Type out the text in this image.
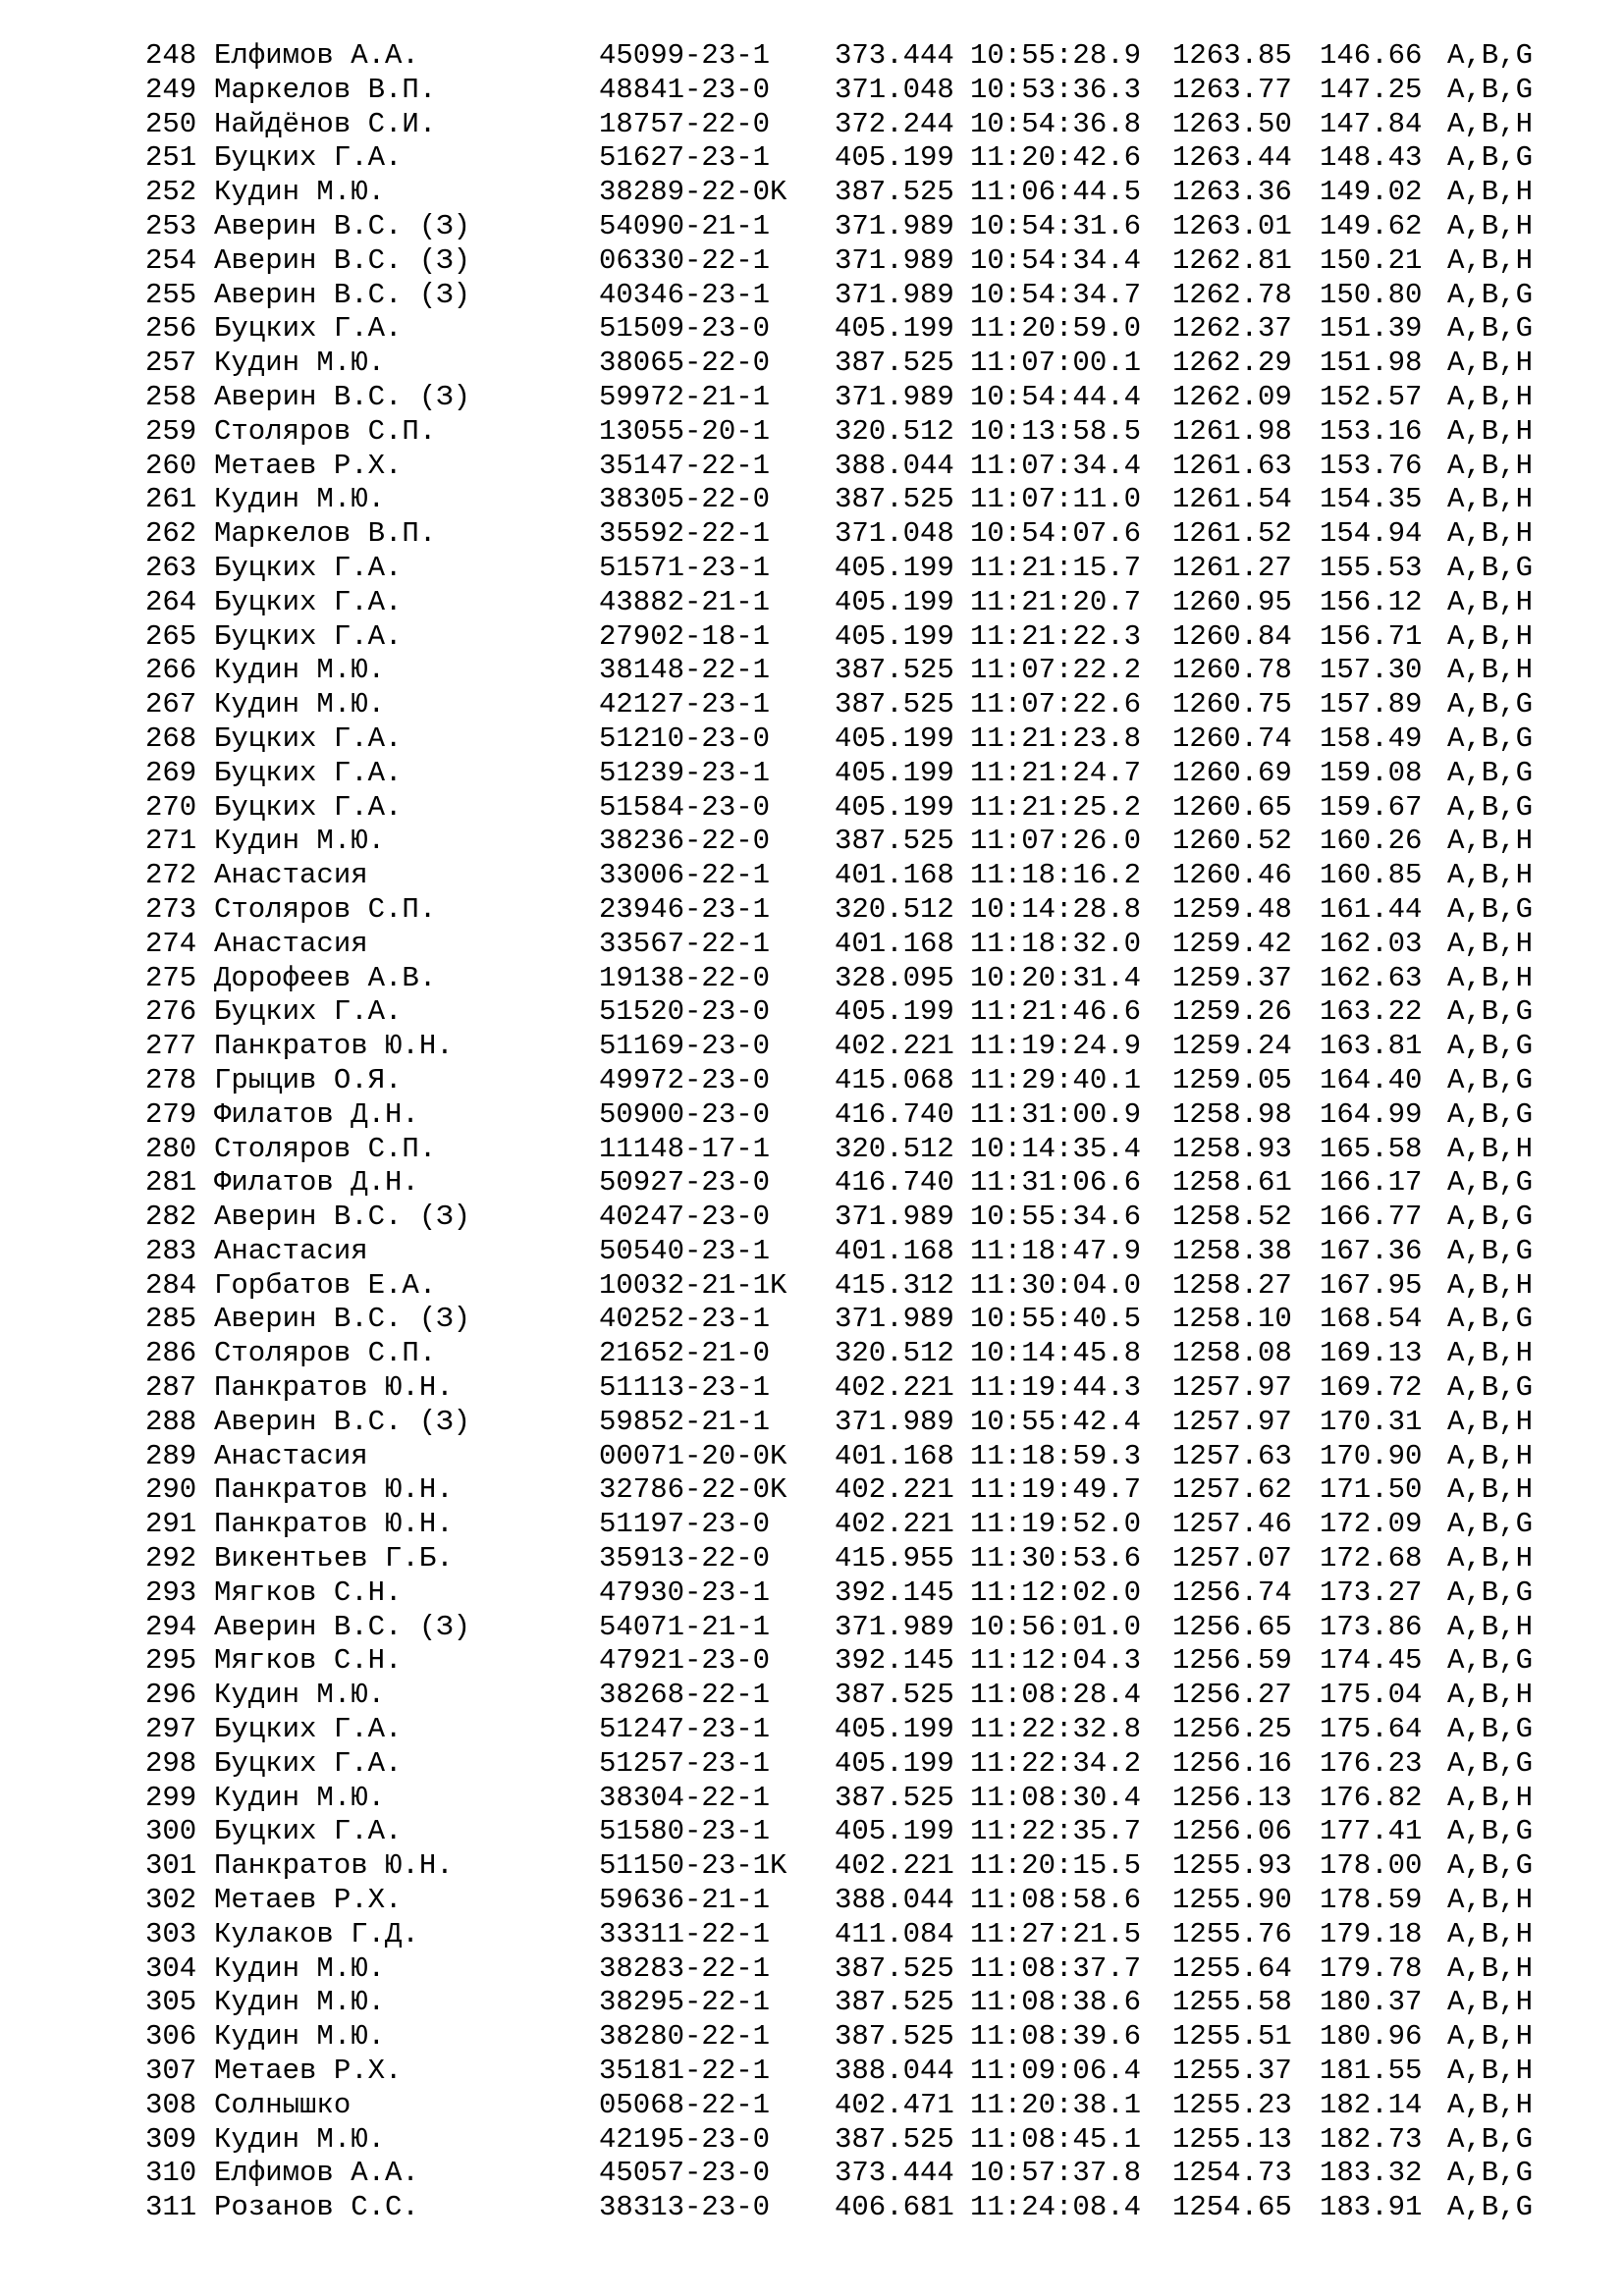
248 Елфимов А.А.	45099-23-1	373.444 10:55:28.9	1263.85 146.66 A,B,G
249 Маркелов В.П.	48841-23-0	371.048 10:53:36.3	1263.77 147.25 A,B,G
250 Найдёнов С.И.	18757-22-0	372.244 10:54:36.8	1263.50 147.84 A,B,H
251 Буцких Г.А.	51627-23-1	405.199 11:20:42.6	1263.44 148.43 A,B,G
252 Кудин М.Ю.	38289-22-0K	387.525 11:06:44.5	1263.36 149.02 A,B,H
253 Аверин В.С. (З)	54090-21-1	371.989 10:54:31.6	1263.01 149.62 A,B,H
254 Аверин В.С. (З)	06330-22-1	371.989 10:54:34.4	1262.81 150.21 A,B,H
255 Аверин В.С. (З)	40346-23-1	371.989 10:54:34.7	1262.78 150.80 A,B,G
256 Буцких Г.А.	51509-23-0	405.199 11:20:59.0	1262.37 151.39 A,B,G
257 Кудин М.Ю.	38065-22-0	387.525 11:07:00.1	1262.29 151.98 A,B,H
258 Аверин В.С. (З)	59972-21-1	371.989 10:54:44.4	1262.09 152.57 A,B,H
259 Столяров С.П.	13055-20-1	320.512 10:13:58.5	1261.98 153.16 A,B,H
260 Метаев Р.Х.	35147-22-1	388.044 11:07:34.4	1261.63 153.76 A,B,H
261 Кудин М.Ю.	38305-22-0	387.525 11:07:11.0	1261.54 154.35 A,B,H
262 Маркелов В.П.	35592-22-1	371.048 10:54:07.6	1261.52 154.94 A,B,H
263 Буцких Г.А.	51571-23-1	405.199 11:21:15.7	1261.27 155.53 A,B,G
264 Буцких Г.А.	43882-21-1	405.199 11:21:20.7	1260.95 156.12 A,B,H
265 Буцких Г.А.	27902-18-1	405.199 11:21:22.3	1260.84 156.71 A,B,H
266 Кудин М.Ю.	38148-22-1	387.525 11:07:22.2	1260.78 157.30 A,B,H
267 Кудин М.Ю.	42127-23-1	387.525 11:07:22.6	1260.75 157.89 A,B,G
268 Буцких Г.А.	51210-23-0	405.199 11:21:23.8	1260.74 158.49 A,B,G
269 Буцких Г.А.	51239-23-1	405.199 11:21:24.7	1260.69 159.08 A,B,G
270 Буцких Г.А.	51584-23-0	405.199 11:21:25.2	1260.65 159.67 A,B,G
271 Кудин М.Ю.	38236-22-0	387.525 11:07:26.0	1260.52 160.26 A,B,H
272 Анастасия	33006-22-1	401.168 11:18:16.2	1260.46 160.85 A,B,H
273 Столяров С.П.	23946-23-1	320.512 10:14:28.8	1259.48 161.44 A,B,G
274 Анастасия	33567-22-1	401.168 11:18:32.0	1259.42 162.03 A,B,H
275 Дорофеев А.В.	19138-22-0	328.095 10:20:31.4	1259.37 162.63 A,B,H
276 Буцких Г.А.	51520-23-0	405.199 11:21:46.6	1259.26 163.22 A,B,G
277 Панкратов Ю.Н.	51169-23-0	402.221 11:19:24.9	1259.24 163.81 A,B,G
278 Грыцив О.Я.	49972-23-0	415.068 11:29:40.1	1259.05 164.40 A,B,G
279 Филатов Д.Н.	50900-23-0	416.740 11:31:00.9	1258.98 164.99 A,B,G
280 Столяров С.П.	11148-17-1	320.512 10:14:35.4	1258.93 165.58 A,B,H
281 Филатов Д.Н.	50927-23-0	416.740 11:31:06.6	1258.61 166.17 A,B,G
282 Аверин В.С. (З)	40247-23-0	371.989 10:55:34.6	1258.52 166.77 A,B,G
283 Анастасия	50540-23-1	401.168 11:18:47.9	1258.38 167.36 A,B,G
284 Горбатов Е.А.	10032-21-1K	415.312 11:30:04.0	1258.27 167.95 A,B,H
285 Аверин В.С. (З)	40252-23-1	371.989 10:55:40.5	1258.10 168.54 A,B,G
286 Столяров С.П.	21652-21-0	320.512 10:14:45.8	1258.08 169.13 A,B,H
287 Панкратов Ю.Н.	51113-23-1	402.221 11:19:44.3	1257.97 169.72 A,B,G
288 Аверин В.С. (З)	59852-21-1	371.989 10:55:42.4	1257.97 170.31 A,B,H
289 Анастасия	00071-20-0K	401.168 11:18:59.3	1257.63 170.90 A,B,H
290 Панкратов Ю.Н.	32786-22-0K	402.221 11:19:49.7	1257.62 171.50 A,B,H
291 Панкратов Ю.Н.	51197-23-0	402.221 11:19:52.0	1257.46 172.09 A,B,G
292 Викентьев Г.Б.	35913-22-0	415.955 11:30:53.6	1257.07 172.68 A,B,H
293 Мягков С.Н.	47930-23-1	392.145 11:12:02.0	1256.74 173.27 A,B,G
294 Аверин В.С. (З)	54071-21-1	371.989 10:56:01.0	1256.65 173.86 A,B,H
295 Мягков С.Н.	47921-23-0	392.145 11:12:04.3	1256.59 174.45 A,B,G
296 Кудин М.Ю.	38268-22-1	387.525 11:08:28.4	1256.27 175.04 A,B,H
297 Буцких Г.А.	51247-23-1	405.199 11:22:32.8	1256.25 175.64 A,B,G
298 Буцких Г.А.	51257-23-1	405.199 11:22:34.2	1256.16 176.23 A,B,G
299 Кудин М.Ю.	38304-22-1	387.525 11:08:30.4	1256.13 176.82 A,B,H
300 Буцких Г.А.	51580-23-1	405.199 11:22:35.7	1256.06 177.41 A,B,G
301 Панкратов Ю.Н.	51150-23-1K	402.221 11:20:15.5	1255.93 178.00 A,B,G
302 Метаев Р.Х.	59636-21-1	388.044 11:08:58.6	1255.90 178.59 A,B,H
303 Кулаков Г.Д.	33311-22-1	411.084 11:27:21.5	1255.76 179.18 A,B,H
304 Кудин М.Ю.	38283-22-1	387.525 11:08:37.7	1255.64 179.78 A,B,H
305 Кудин М.Ю.	38295-22-1	387.525 11:08:38.6	1255.58 180.37 A,B,H
306 Кудин М.Ю.	38280-22-1	387.525 11:08:39.6	1255.51 180.96 A,B,H
307 Метаев Р.Х.	35181-22-1	388.044 11:09:06.4	1255.37 181.55 A,B,H
308 Солнышко	05068-22-1	402.471 11:20:38.1	1255.23 182.14 A,B,H
309 Кудин М.Ю.	42195-23-0	387.525 11:08:45.1	1255.13 182.73 A,B,G
310 Елфимов А.А.	45057-23-0	373.444 10:57:37.8	1254.73 183.32 A,B,G
311 Розанов С.С.	38313-23-0	406.681 11:24:08.4	1254.65 183.91 A,B,G
